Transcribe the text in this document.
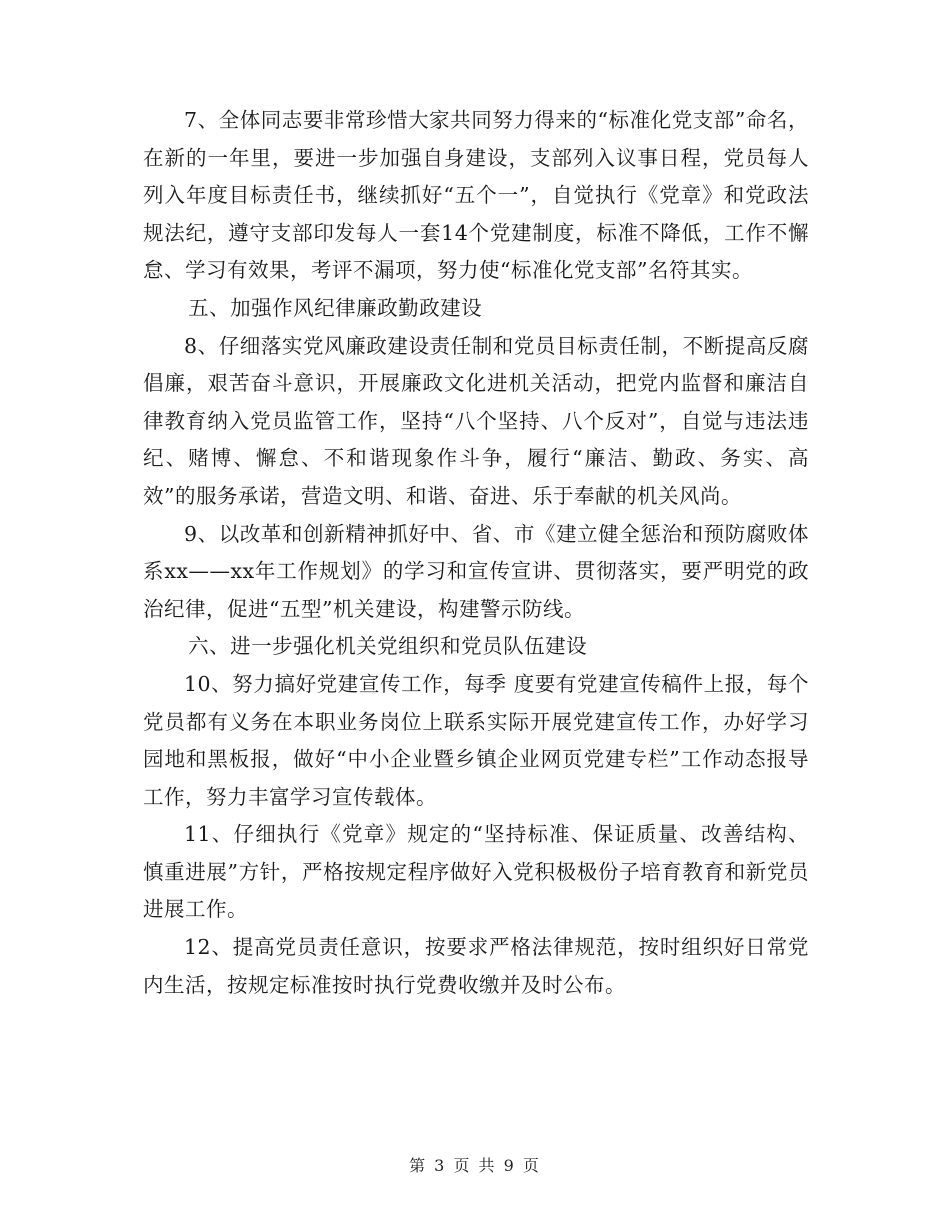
7、全体同志要非常珍惜大家共同努力得来的“标准化党支部”命名，在新的一年里，要进一步加强自身建设，支部列入议事日程，党员每人列入年度目标责任书，继续抓好“五个一”，自觉执行《党章》和党政法规法纪，遵守支部印发每人一套14个党建制度，标准不降低，工作不懈怠、学习有效果，考评不漏项，努力使“标准化党支部”名符其实。

五、加强作风纪律廉政勤政建设

8、仔细落实党风廉政建设责任制和党员目标责任制，不断提高反腐倡廉，艰苦奋斗意识，开展廉政文化进机关活动，把党内监督和廉洁自律教育纳入党员监管工作，坚持“八个坚持、八个反对”，自觉与违法违纪、赌博、懈怠、不和谐现象作斗争，履行“廉洁、勤政、务实、高效”的服务承诺，营造文明、和谐、奋进、乐于奉献的机关风尚。

9、以改革和创新精神抓好中、省、市《建立健全惩治和预防腐败体系xx——xx年工作规划》的学习和宣传宣讲、贯彻落实，要严明党的政治纪律，促进“五型”机关建设，构建警示防线。

六、进一步强化机关党组织和党员队伍建设

10、努力搞好党建宣传工作，每季 度要有党建宣传稿件上报，每个党员都有义务在本职业务岗位上联系实际开展党建宣传工作，办好学习园地和黑板报，做好“中小企业暨乡镇企业网页党建专栏”工作动态报导工作，努力丰富学习宣传载体。

11、仔细执行《党章》规定的“坚持标准、保证质量、改善结构、慎重进展”方针，严格按规定程序做好入党积极极份子培育教育和新党员进展工作。

12、提高党员责任意识，按要求严格法律规范，按时组织好日常党内生活，按规定标准按时执行党费收缴并及时公布。

第 3 页 共 9 页
